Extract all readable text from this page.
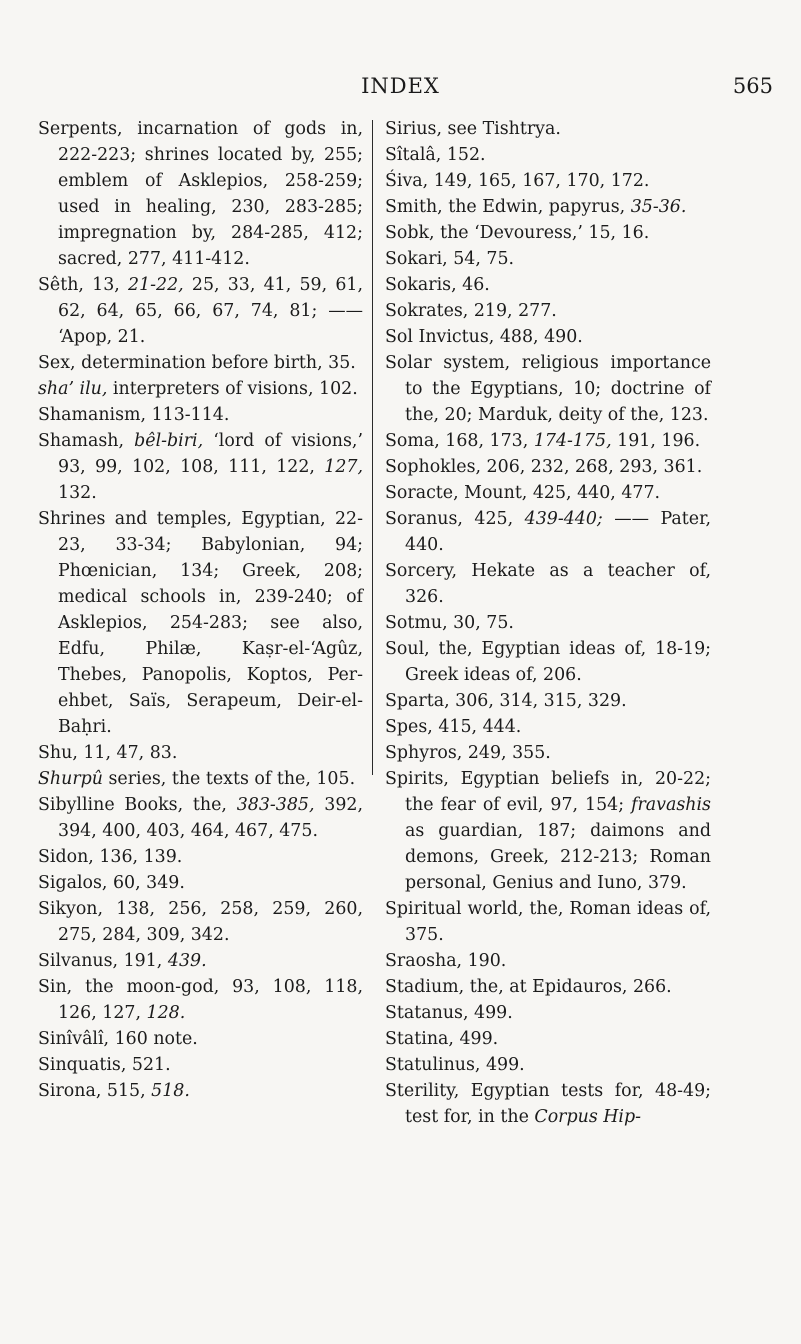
INDEX	565

Serpents, incarnation of gods in, 222-223; shrines located by, 255; emblem of Asklepios, 258-259; used in healing, 230, 283-285; impregnation by, 284-285, 412; sacred, 277, 411-412.

Sêth, 13, 21-22, 25, 33, 41, 59, 61, 62, 64, 65, 66, 67, 74, 81; —— ‘Apop, 21.

Sex, determination before birth, 35.

sha’ ilu, interpreters of visions, 102.

Shamanism, 113-114.

Shamash, bêl-biri, ‘lord of visions,’ 93, 99, 102, 108, 111, 122, 127, 132.

Shrines and temples, Egyptian, 22-23, 33-34; Babylonian, 94; Phœnician, 134; Greek, 208; medical schools in, 239-240; of Asklepios, 254-283; see also, Edfu, Philæ, Kaṣr-el-‘Agûz, Thebes, Panopolis, Koptos, Per-ehbet, Saïs, Serapeum, Deir-el-Baḥri.

Shu, 11, 47, 83.

Shurpû series, the texts of the, 105.

Sibylline Books, the, 383-385, 392, 394, 400, 403, 464, 467, 475.

Sidon, 136, 139.

Sigalos, 60, 349.

Sikyon, 138, 256, 258, 259, 260, 275, 284, 309, 342.

Silvanus, 191, 439.

Sin, the moon-god, 93, 108, 118, 126, 127, 128.

Sinîvâlî, 160 note.

Sinquatis, 521.

Sirona, 515, 518.

Sirius, see Tishtrya.

Sîtalâ, 152.

Śiva, 149, 165, 167, 170, 172.

Smith, the Edwin, papyrus, 35-36.

Sobk, the ‘Devouress,’ 15, 16.

Sokari, 54, 75.

Sokaris, 46.

Sokrates, 219, 277.

Sol Invictus, 488, 490.

Solar system, religious importance to the Egyptians, 10; doctrine of the, 20; Marduk, deity of the, 123.

Soma, 168, 173, 174-175, 191, 196.

Sophokles, 206, 232, 268, 293, 361.

Soracte, Mount, 425, 440, 477.

Soranus, 425, 439-440; —— Pater, 440.

Sorcery, Hekate as a teacher of, 326.

Sotmu, 30, 75.

Soul, the, Egyptian ideas of, 18-19; Greek ideas of, 206.

Sparta, 306, 314, 315, 329.

Spes, 415, 444.

Sphyros, 249, 355.

Spirits, Egyptian beliefs in, 20-22; the fear of evil, 97, 154; fravashis as guardian, 187; daimons and demons, Greek, 212-213; Roman personal, Genius and Iuno, 379.

Spiritual world, the, Roman ideas of, 375.

Sraosha, 190.

Stadium, the, at Epidauros, 266.

Statanus, 499.

Statina, 499.

Statulinus, 499.

Sterility, Egyptian tests for, 48-49; test for, in the Corpus Hip-
